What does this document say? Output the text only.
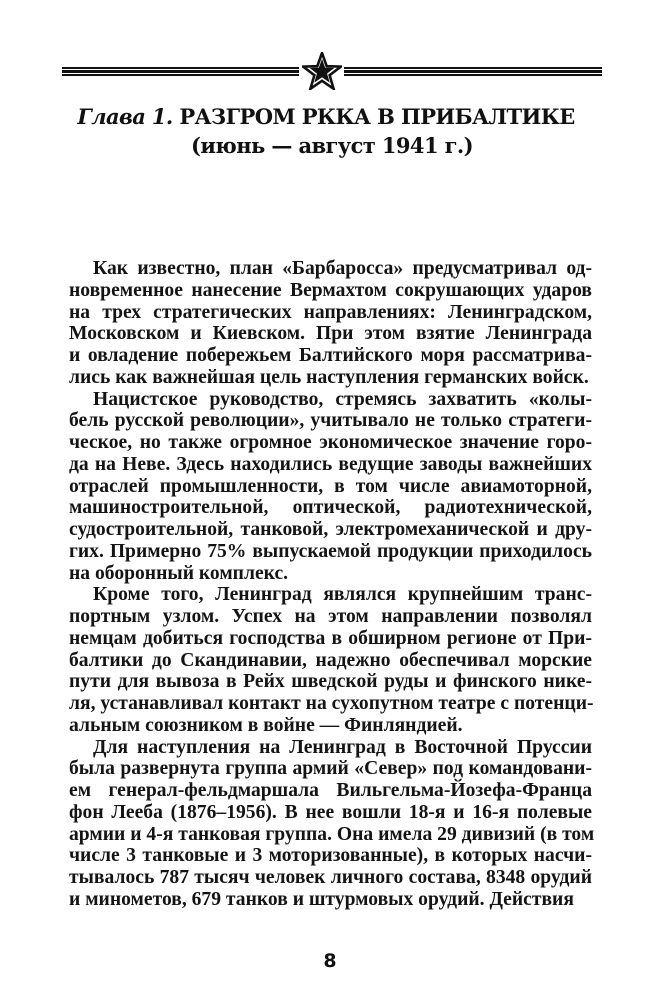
Глава 1. РАЗГРОМ РККА В ПРИБАЛТИКЕ
(июнь — август 1941 г.)
Как известно, план «Барбаросса» предусматривал од-
новременное нанесение Вермахтом сокрушающих ударов
на трех стратегических направлениях: Ленинградском,
Московском и Киевском. При этом взятие Ленинграда
и овладение побережьем Балтийского моря рассматрива-
лись как важнейшая цель наступления германских войск.
Нацистское руководство, стремясь захватить «колы-
бель русской революции», учитывало не только стратеги-
ческое, но также огромное экономическое значение горо-
да на Неве. Здесь находились ведущие заводы важнейших
отраслей промышленности, в том числе авиамоторной,
машиностроительной, оптической, радиотехнической,
судостроительной, танковой, электромеханической и дру-
гих. Примерно 75% выпускаемой продукции приходилось
на оборонный комплекс.
Кроме того, Ленинград являлся крупнейшим транс-
портным узлом. Успех на этом направлении позволял
немцам добиться господства в обширном регионе от При-
балтики до Скандинавии, надежно обеспечивал морские
пути для вывоза в Рейх шведской руды и финского нике-
ля, устанавливал контакт на сухопутном театре с потенци-
альным союзником в войне — Финляндией.
Для наступления на Ленинград в Восточной Пруссии
была развернута группа армий «Север» под командовани-
ем генерал-фельдмаршала Вильгельма-Йозефа-Франца
фон Лееба (1876–1956). В нее вошли 18-я и 16-я полевые
армии и 4-я танковая группа. Она имела 29 дивизий (в том
числе 3 танковые и 3 моторизованные), в которых насчи-
тывалось 787 тысяч человек личного состава, 8348 орудий
и минометов, 679 танков и штурмовых орудий. Действия
8
